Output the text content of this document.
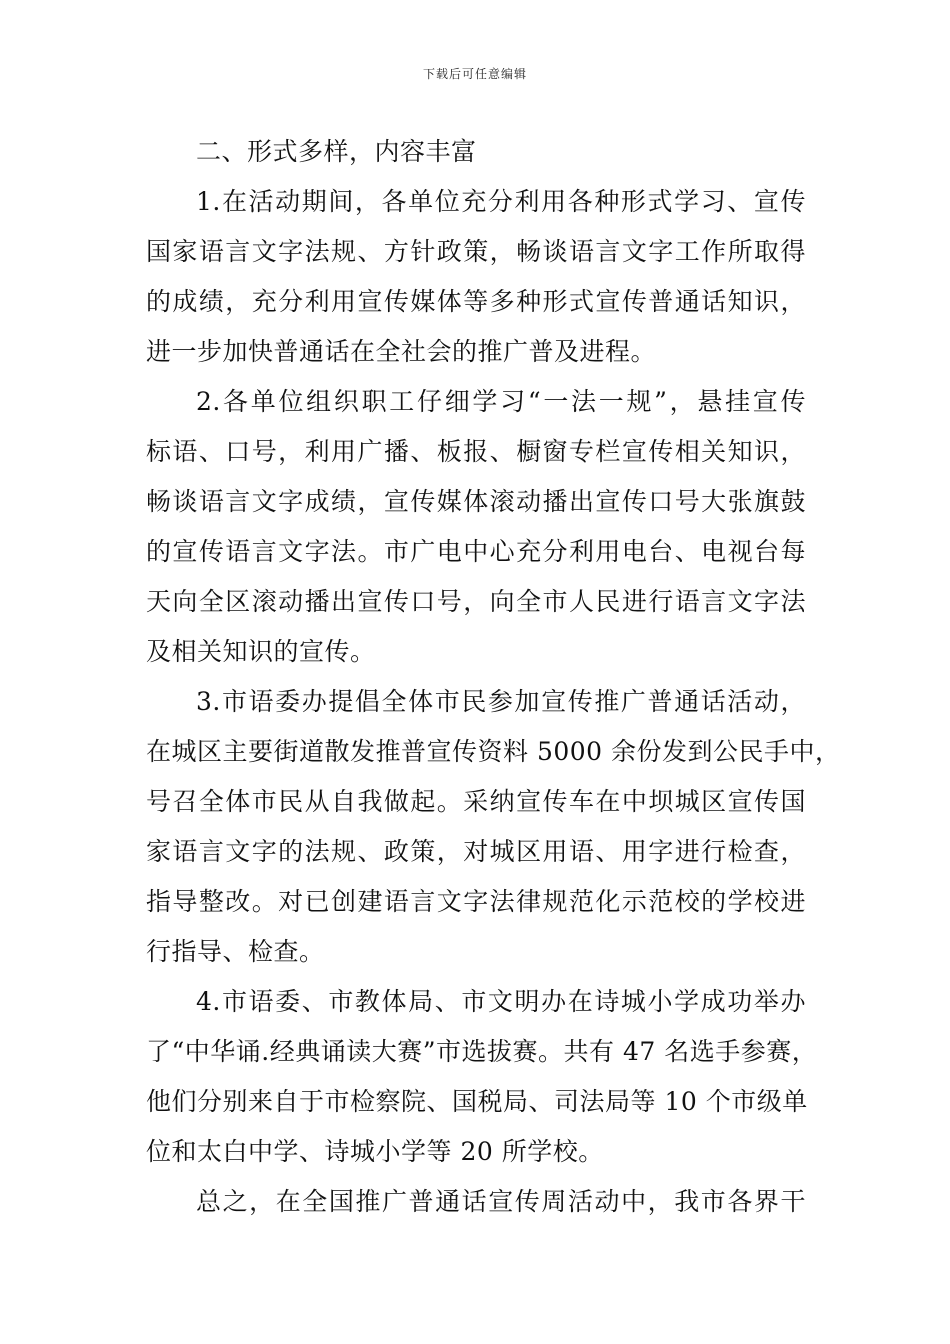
下载后可任意编辑
二、形式多样，内容丰富
1.在活动期间，各单位充分利用各种形式学习、宣传
国家语言文字法规、方针政策，畅谈语言文字工作所取得
的成绩，充分利用宣传媒体等多种形式宣传普通话知识，
进一步加快普通话在全社会的推广普及进程。
2.各单位组织职工仔细学习“一法一规”，悬挂宣传
标语、口号，利用广播、板报、橱窗专栏宣传相关知识，
畅谈语言文字成绩，宣传媒体滚动播出宣传口号大张旗鼓
的宣传语言文字法。市广电中心充分利用电台、电视台每
天向全区滚动播出宣传口号，向全市人民进行语言文字法
及相关知识的宣传。
3.市语委办提倡全体市民参加宣传推广普通话活动，
在城区主要街道散发推普宣传资料 5000 余份发到公民手中，
号召全体市民从自我做起。采纳宣传车在中坝城区宣传国
家语言文字的法规、政策，对城区用语、用字进行检查，
指导整改。对已创建语言文字法律规范化示范校的学校进
行指导、检查。
4.市语委、市教体局、市文明办在诗城小学成功举办
了“中华诵.经典诵读大赛”市选拔赛。共有 47 名选手参赛，
他们分别来自于市检察院、国税局、司法局等 10 个市级单
位和太白中学、诗城小学等 20 所学校。
总之，在全国推广普通话宣传周活动中，我市各界干
